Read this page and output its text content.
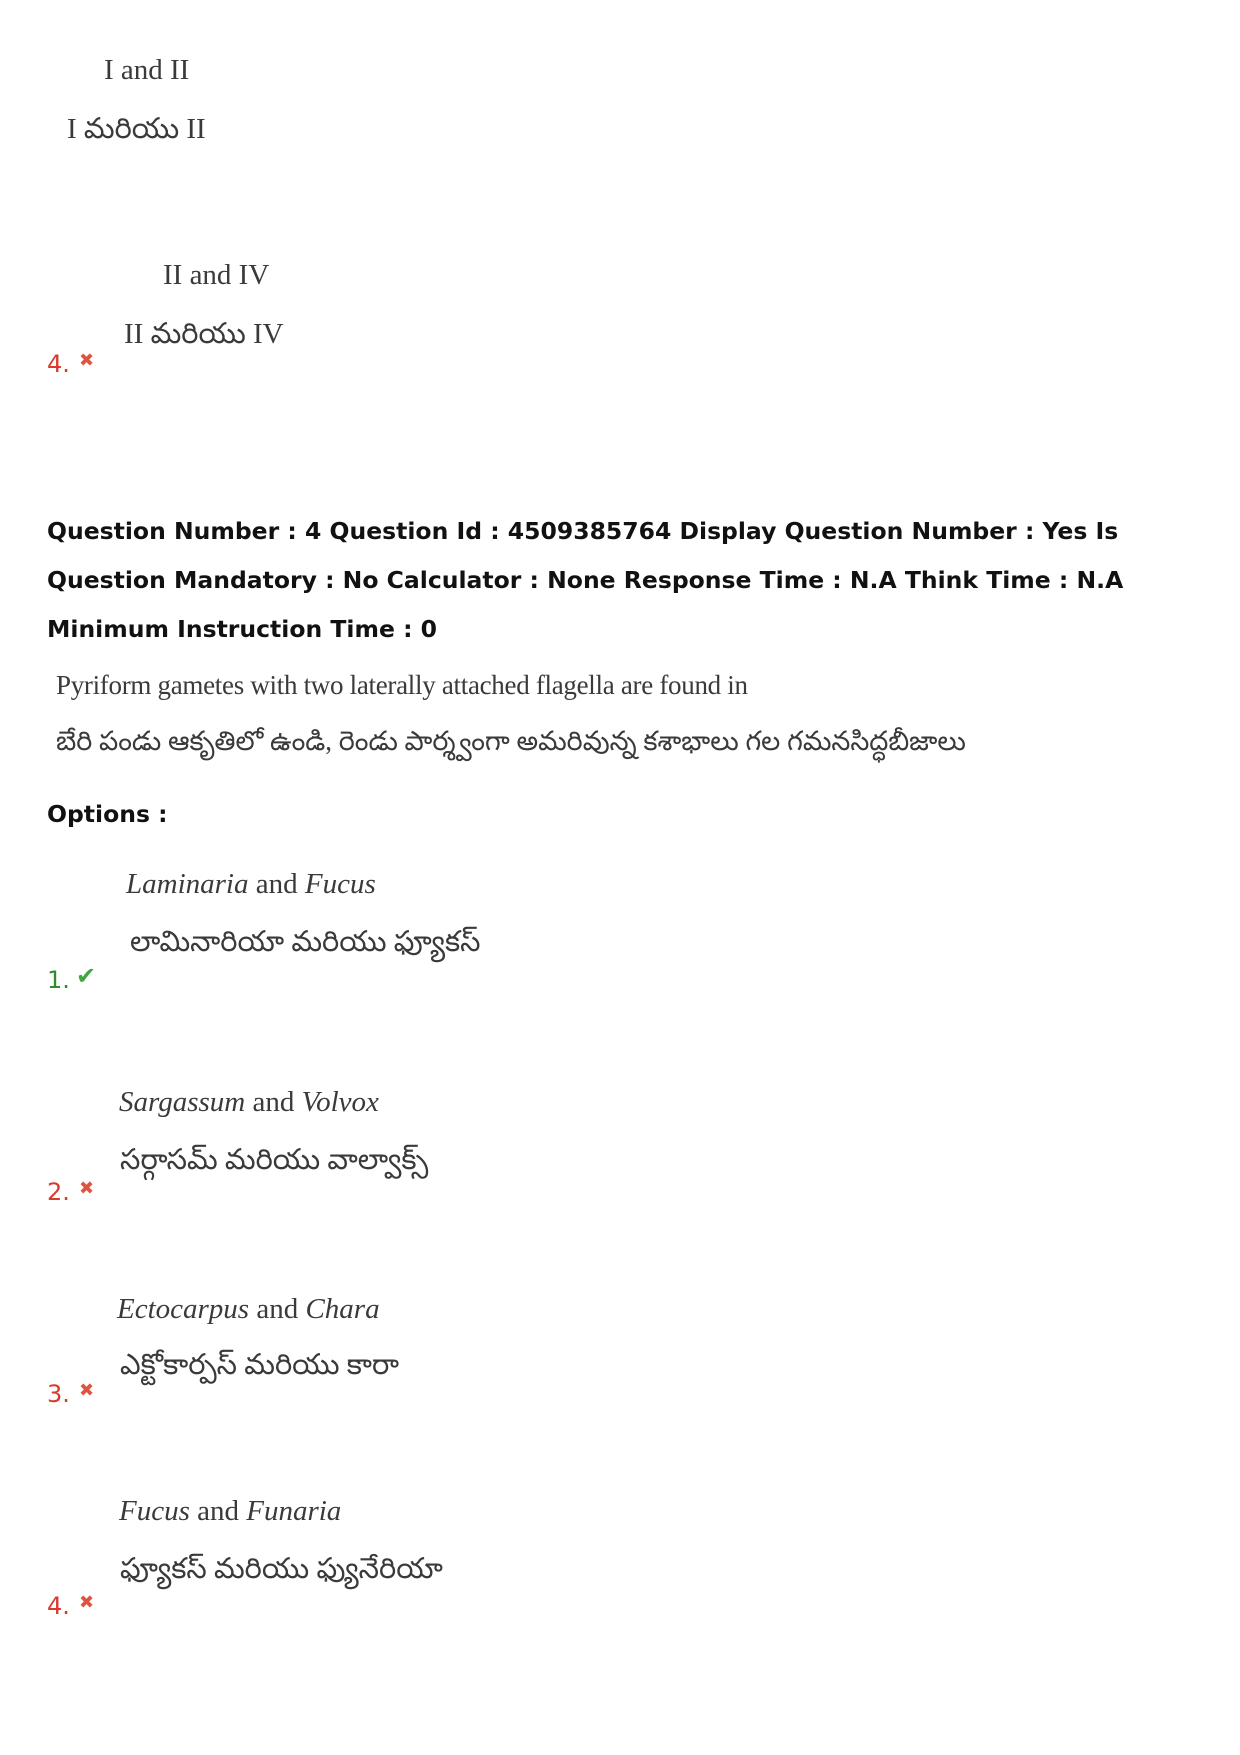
I and II
I మరియు II
II and IV
II మరియు IV
4. ✖
Question Number : 4 Question Id : 4509385764 Display Question Number : Yes Is Question Mandatory : No Calculator : None Response Time : N.A Think Time : N.A Minimum Instruction Time : 0
Pyriform gametes with two laterally attached flagella are found in
బేరి పండు ఆకృతిలో ఉండి, రెండు పార్శ్వంగా అమరివున్న కశాభాలు గల గమనసిద్ధబీజాలు
Options :
Laminaria and Fucus
లామినారియా మరియు ఫ్యూకస్
1. ✔
Sargassum and Volvox
సర్గాసమ్ మరియు వాల్వాక్స్
2. ✖
Ectocarpus and Chara
ఎక్టోకార్పస్ మరియు కారా
3. ✖
Fucus and Funaria
ఫ్యూకస్ మరియు ఫ్యునేరియా
4. ✖
